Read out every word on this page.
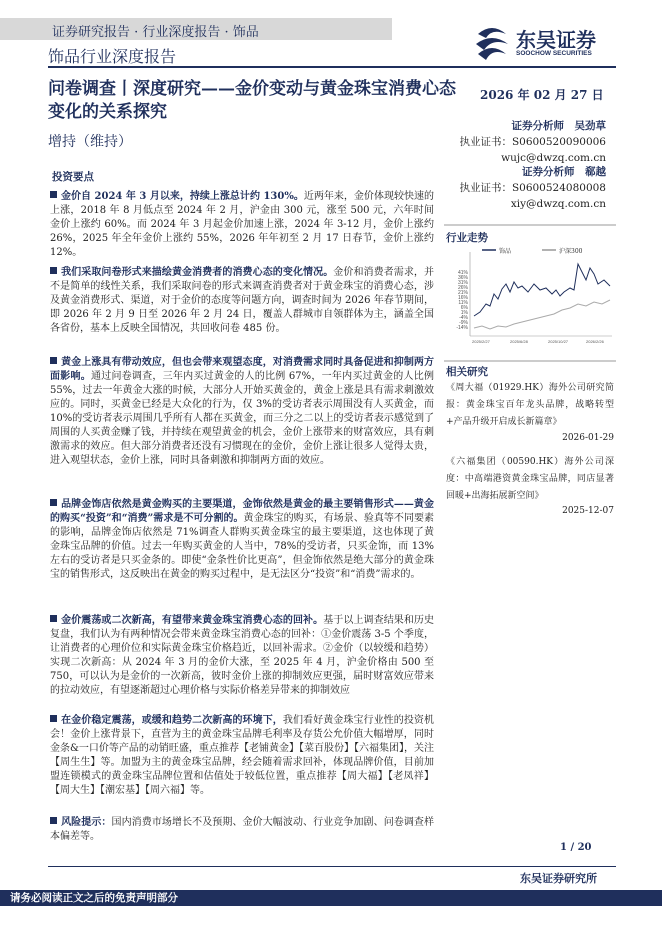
证券研究报告 · 行业深度报告 · 饰品
饰品行业深度报告
东吴证券
SOOCHOW SECURITIES
问卷调查丨深度研究——金价变动与黄金珠宝消费心态变化的关系探究
增持（维持）
2026 年 02 月 27 日
证券分析师　 吴劲草
执业证书：S0600520090006
wujc@dwzq.com.cn
证券分析师　 郗越
执业证书：S0600524080008
xiy@dwzq.com.cn
投资要点
金价自 2024 年 3 月以来，持续上涨总计约 130%。近两年来，金价体现较快速的上涨，2018 年 8 月低点至 2024 年 2 月，沪金由 300 元，涨至 500 元，六年时间金价上涨约 60%。而 2024 年 3 月起金价加速上涨，2024 年 3-12 月，金价上涨约 26%，2025 年全年金价上涨约 55%，2026 年年初至 2 月 17 日春节，金价上涨约 12%。
我们采取问卷形式来描绘黄金消费者的消费心态的变化情况。金价和消费者需求，并不是简单的线性关系，我们采取问卷的形式来调查消费者对于黄金珠宝的消费心态，涉及黄金消费形式、渠道，对于金价的态度等问题方向，调查时间为 2026 年春节期间，即 2026 年 2 月 9 日至 2026 年 2 月 24 日，覆盖人群城市自领群体为主，涵盖全国各省份，基本上反映全国情况，共回收问卷 485 份。
黄金上涨具有带动效应，但也会带来观望态度，对消费需求同时具备促进和抑制两方面影响。通过问卷调查，三年内买过黄金的人的比例 67%，一年内买过黄金的人比例 55%，过去一年黄金大涨的时候，大部分人开始买黄金的，黄金上涨是具有需求刺激效应的。同时，买黄金已经是大众化的行为，仅 3%的受访者表示周围没有人买黄金，而 10%的受访者表示周围几乎所有人都在买黄金，而三分之二以上的受访者表示感觉到了周围的人买黄金赚了钱，并持续在观望黄金的机会，金价上涨带来的财富效应，具有刺激需求的效应。但大部分消费者还没有习惯现在的金价，金价上涨让很多人觉得太贵，进入观望状态，金价上涨，同时具备刺激和抑制两方面的效应。
品牌金饰店依然是黄金购买的主要渠道，金饰依然是黄金的最主要销售形式——黄金的购买“投资”和“消费”需求是不可分割的。黄金珠宝的购买，有场景、验真等不同要素的影响，品牌金饰店依然是 71%调查人群购买黄金珠宝的最主要渠道，这也体现了黄金珠宝品牌的价值。过去一年购买黄金的人当中，78%的受访者，只买金饰，而 13%左右的受访者是只买金条的。即使“金条性价比更高”，但金饰依然是绝大部分的黄金珠宝的销售形式，这反映出在黄金的购买过程中，是无法区分“投资”和“消费”需求的。
金价震荡或二次新高，有望带来黄金珠宝消费心态的回补。基于以上调查结果和历史复盘，我们认为有两种情况会带来黄金珠宝消费心态的回补：①金价震荡 3-5 个季度，让消费者的心理价位和实际黄金珠宝价格趋近，以回补需求。②金价（以较缓和趋势）实现二次新高：从 2024 年 3 月的金价大涨，至 2025 年 4 月，沪金价格由 500 至 750，可以认为是金价的一次新高，彼时金价上涨的抑制效应更强，届时财富效应带来的拉动效应，有望逐渐超过心理价格与实际价格差异带来的抑制效应
在金价稳定震荡，或缓和趋势二次新高的环境下，我们看好黄金珠宝行业性的投资机会！金价上涨背景下，直营为主的黄金珠宝品牌毛利率及存货公允价值大幅增厚，同时金条&一口价等产品的动销旺盛，重点推荐【老铺黄金】【菜百股份】【六福集团】，关注【周生生】等。加盟为主的黄金珠宝品牌，经会随着需求回补，体现品牌价值，目前加盟连锁模式的黄金珠宝品牌位置和估值处于较低位置，重点推荐【周大福】【老凤祥】【周大生】【潮宏基】【周六福】等。
风险提示：国内消费市场增长不及预期、金价大幅波动、行业竞争加剧、问卷调查样本偏差等。
行业走势
饰品	沪深300
41%
36%
31%
26%
21%
16%
11%
6%
1%
-4%
-9%
-14%
2025/2/27	2025/6/28	2025/10/27	2026/2/26
相关研究
《周大福（01929.HK）海外公司研究简报：黄金珠宝百年龙头品牌，战略转型+产品升级开启成长新篇章》
2026-01-29
《六福集团（00590.HK）海外公司深度：中高端港资黄金珠宝品牌，同店显著回暖+出海拓展新空间》
2025-12-07
1 / 20
东吴证券研究所
请务必阅读正文之后的免责声明部分
